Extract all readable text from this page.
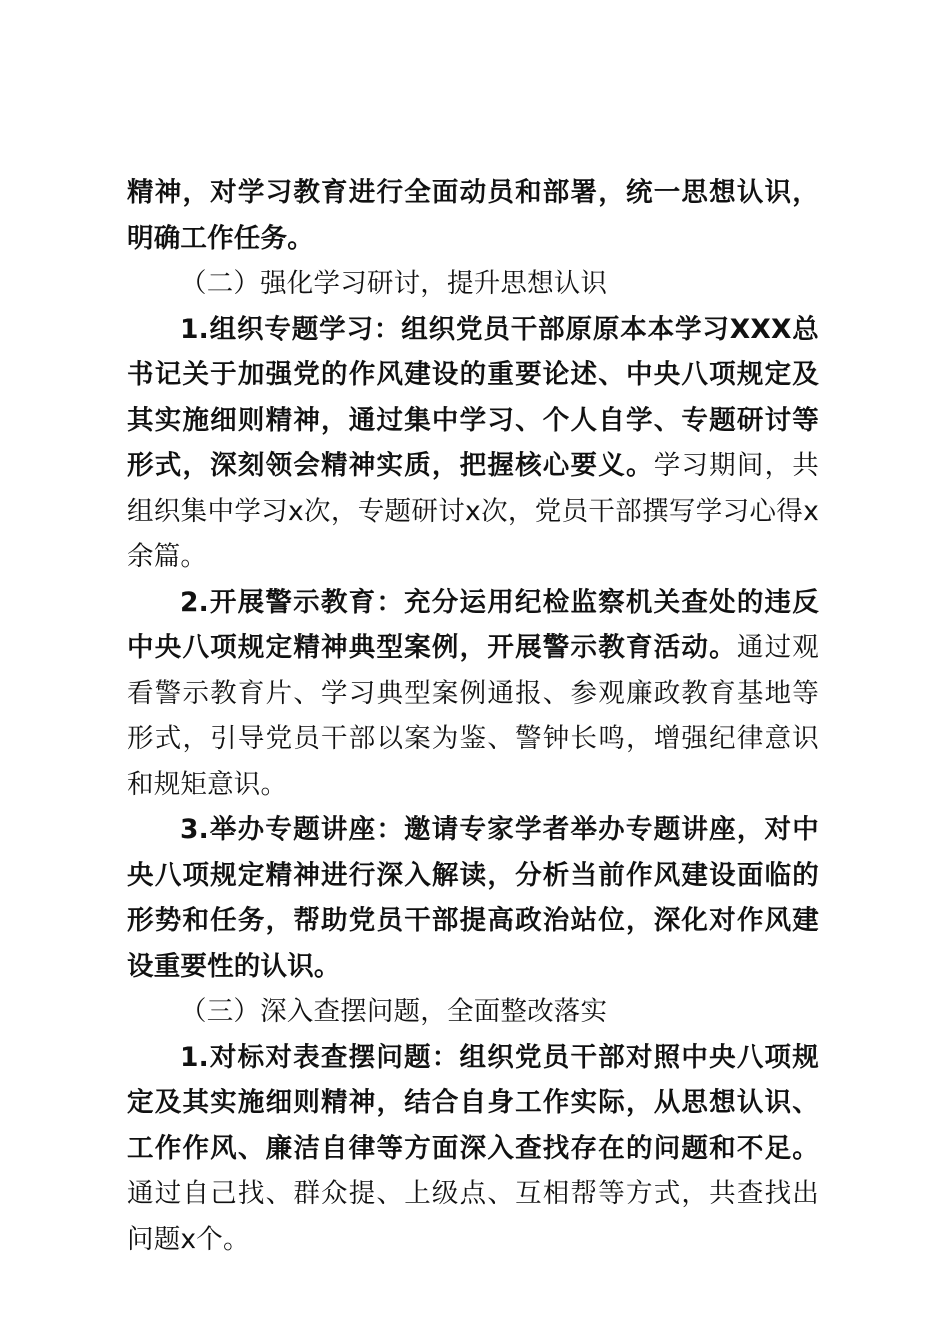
精神，对学习教育进行全面动员和部署，统一思想认识，明确工作任务。

（二）强化学习研讨，提升思想认识

1.组织专题学习：组织党员干部原原本本学习XXX总书记关于加强党的作风建设的重要论述、中央八项规定及其实施细则精神，通过集中学习、个人自学、专题研讨等形式，深刻领会精神实质，把握核心要义。学习期间，共组织集中学习x次，专题研讨x次，党员干部撰写学习心得x余篇。

2.开展警示教育：充分运用纪检监察机关查处的违反中央八项规定精神典型案例，开展警示教育活动。通过观看警示教育片、学习典型案例通报、参观廉政教育基地等形式，引导党员干部以案为鉴、警钟长鸣，增强纪律意识和规矩意识。

3.举办专题讲座：邀请专家学者举办专题讲座，对中央八项规定精神进行深入解读，分析当前作风建设面临的形势和任务，帮助党员干部提高政治站位，深化对作风建设重要性的认识。

（三）深入查摆问题，全面整改落实

1.对标对表查摆问题：组织党员干部对照中央八项规定及其实施细则精神，结合自身工作实际，从思想认识、工作作风、廉洁自律等方面深入查找存在的问题和不足。通过自己找、群众提、上级点、互相帮等方式，共查找出问题x个。
